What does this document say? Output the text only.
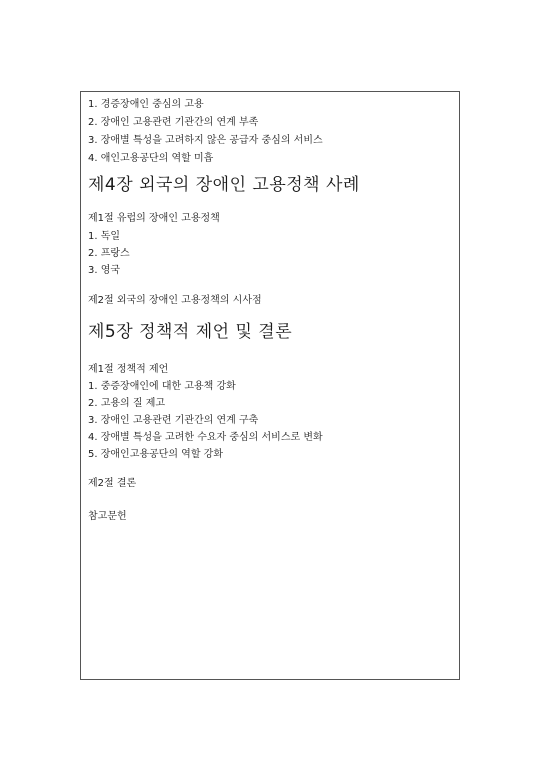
1. 경증장애인 중심의 고용
2. 장애인 고용관련 기관간의 연계 부족
3. 장애별 특성을 고려하지 않은 공급자 중심의 서비스
4. 애인고용공단의 역할 미흡
제4장 외국의 장애인 고용정책 사례
제1절 유럽의 장애인 고용정책
1. 독일
2. 프랑스
3. 영국
제2절 외국의 장애인 고용정책의 시사점
제5장 정책적 제언 및 결론
제1절 정책적 제언
1. 중증장애인에 대한 고용책 강화
2. 고용의 질 제고
3. 장애인 고용관련 기관간의 연계 구축
4. 장애별 특성을 고려한 수요자 중심의 서비스로 변화
5. 장애인고용공단의 역할 강화
제2절 결론
참고문헌
